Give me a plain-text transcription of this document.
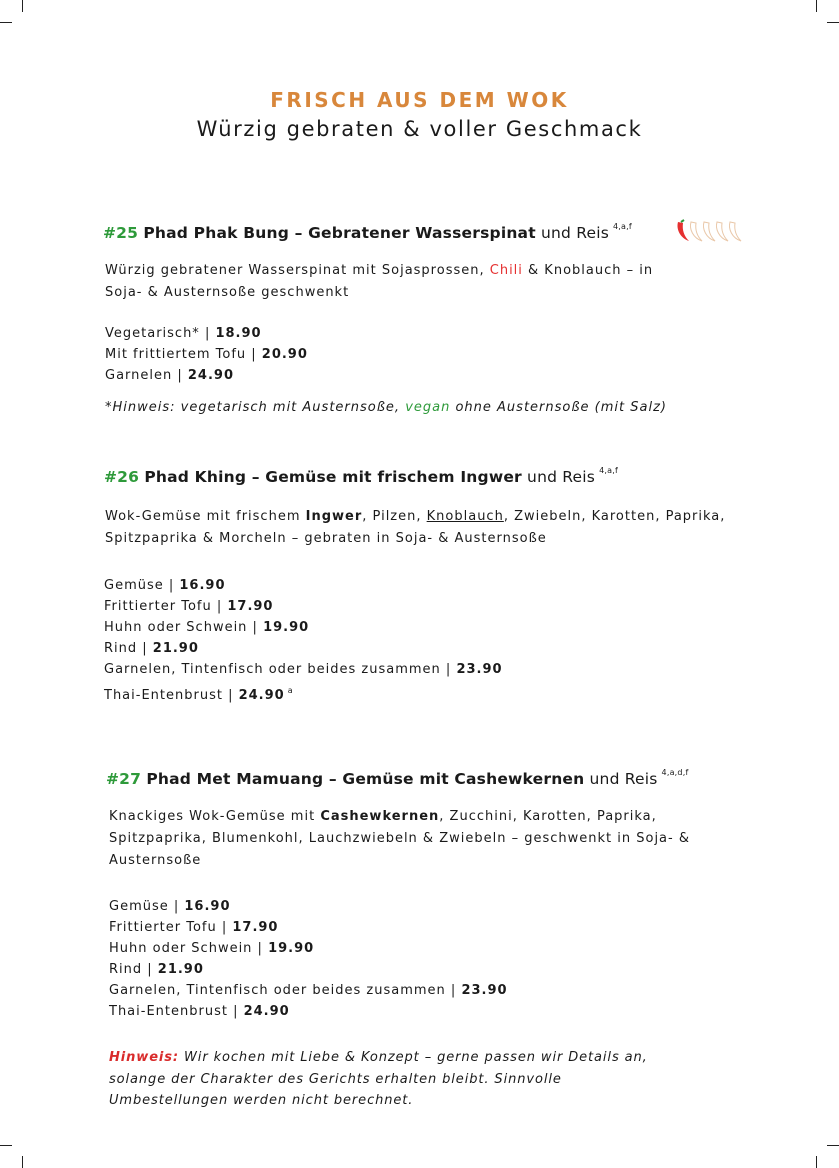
FRISCH AUS DEM WOK
Würzig gebraten & voller Geschmack
#25 Phad Phak Bung – Gebratener Wasserspinat und Reis $^{4,a,f}$
Würzig gebratener Wasserspinat mit Sojasprossen, Chili & Knoblauch – in
Soja- & Austernsoße geschwenkt
Vegetarisch* | 18.90
Mit frittiertem Tofu | 20.90
Garnelen | 24.90
*Hinweis: vegetarisch mit Austernsoße, vegan ohne Austernsoße (mit Salz)
#26 Phad Khing – Gemüse mit frischem Ingwer und Reis $^{4,a,f}$
Wok-Gemüse mit frischem Ingwer, Pilzen, Knoblauch, Zwiebeln, Karotten, Paprika,
Spitzpaprika & Morcheln – gebraten in Soja- & Austernsoße
Gemüse | 16.90
Frittierter Tofu | 17.90
Huhn oder Schwein | 19.90
Rind | 21.90
Garnelen, Tintenfisch oder beides zusammen | 23.90
Thai-Entenbrust | 24.90 $^a$
#27 Phad Met Mamuang – Gemüse mit Cashewkernen und Reis $^{4,a,d,f}$
Knackiges Wok-Gemüse mit Cashewkernen, Zucchini, Karotten, Paprika,
Spitzpaprika, Blumenkohl, Lauchzwiebeln & Zwiebeln – geschwenkt in Soja- &
Austernsoße
Gemüse | 16.90
Frittierter Tofu | 17.90
Huhn oder Schwein | 19.90
Rind | 21.90
Garnelen, Tintenfisch oder beides zusammen | 23.90
Thai-Entenbrust | 24.90
Hinweis: Wir kochen mit Liebe & Konzept – gerne passen wir Details an,
solange der Charakter des Gerichts erhalten bleibt. Sinnvolle
Umbestellungen werden nicht berechnet.
